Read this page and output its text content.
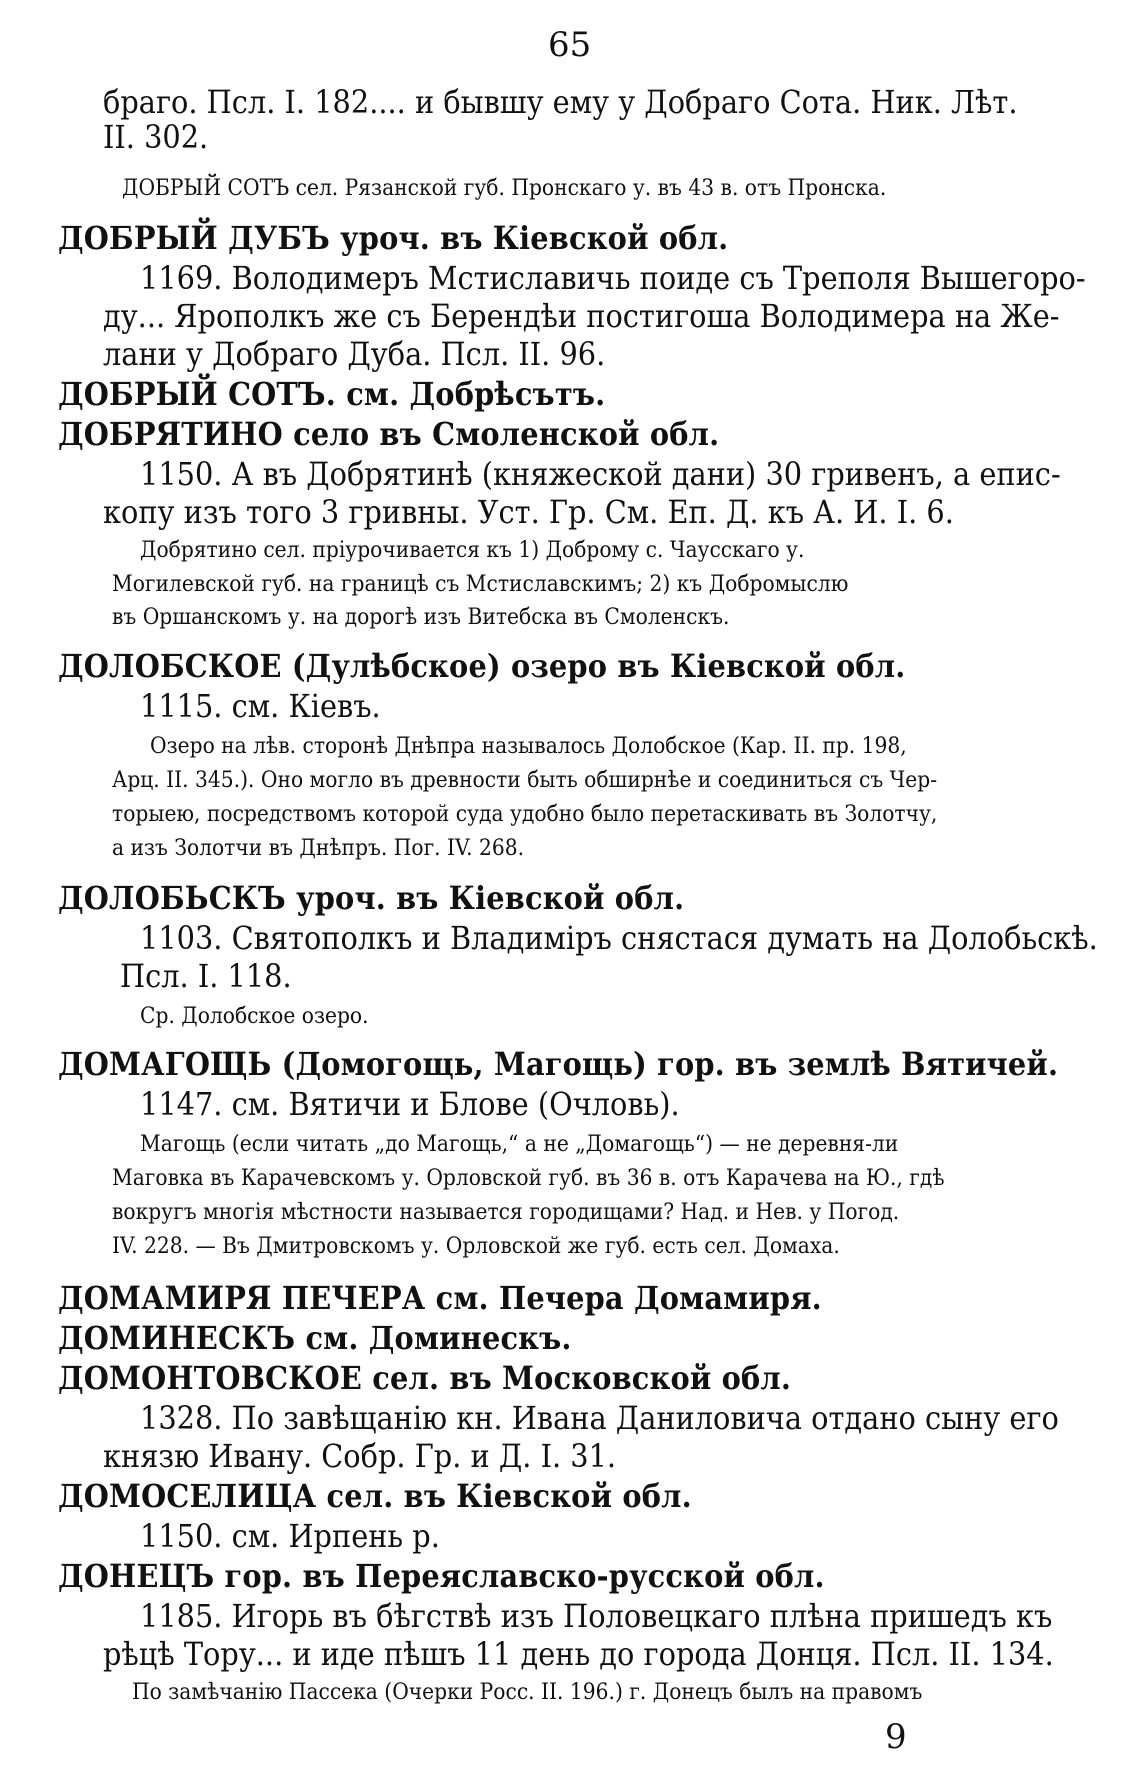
65
браго. Псл. I. 182.... и бывшу ему у Добраго Сота. Ник. Лѣт.
II. 302.
ДОБРЫЙ СОТЪ сел. Рязанской губ. Пронскаго у. въ 43 в. отъ Пронска.
ДОБРЫЙ ДУБЪ уроч. въ Кіевской обл.
1169. Володимеръ Мстиславичь поиде съ Треполя Вышегоро-
ду... Ярополкъ же съ Берендѣи постигоша Володимера на Же-
лани у Добраго Дуба. Псл. II. 96.
ДОБРЫЙ СОТЪ. см. Добрѣсътъ.
ДОБРЯТИНО село въ Смоленской обл.
1150. А въ Добрятинѣ (княжеской дани) 30 гривенъ, а епис-
копу изъ того 3 гривны. Уст. Гр. См. Еп. Д. къ А. И. I. 6.
Добрятино сел. пріурочивается къ 1) Доброму с. Чаусскаго у.
Могилевской губ. на границѣ съ Мстиславскимъ; 2) къ Добромыслю
въ Оршанскомъ у. на дорогѣ изъ Витебска въ Смоленскъ.
ДОЛОБСКОЕ (Дулѣбское) озеро въ Кіевской обл.
1115. см. Кіевъ.
Озеро на лѣв. сторонѣ Днѣпра называлось Долобское (Кар. II. пр. 198,
Арц. II. 345.). Оно могло въ древности быть обширнѣе и соединиться съ Чер-
торыею, посредствомъ которой суда удобно было перетаскивать въ Золотчу,
а изъ Золотчи въ Днѣпръ. Пог. IV. 268.
ДОЛОБЬСКЪ уроч. въ Кіевской обл.
1103. Святополкъ и Владиміръ снястася думать на Долобьскѣ.
Псл. I. 118.
Ср. Долобское озеро.
ДОМАГОЩЬ (Домогощь, Магощь) гор. въ землѣ Вятичей.
1147. см. Вятичи и Блове (Очловь).
Магощь (если читать „до Магощь,“ а не „Домагощь“) — не деревня-ли
Маговка въ Карачевскомъ у. Орловской губ. въ 36 в. отъ Карачева на Ю., гдѣ
вокругъ многія мѣстности называется городищами? Над. и Нев. у Погод.
IV. 228. — Въ Дмитровскомъ у. Орловской же губ. есть сел. Домаха.
ДОМАМИРЯ ПЕЧЕРА см. Печера Домамиря.
ДОМИНЕСКЪ см. Доминескъ.
ДОМОНТОВСКОЕ сел. въ Московской обл.
1328. По завѣщанію кн. Ивана Даниловича отдано сыну его
князю Ивану. Собр. Гр. и Д. I. 31.
ДОМОСЕЛИЦА сел. въ Кіевской обл.
1150. см. Ирпень р.
ДОНЕЦЪ гор. въ Переяславско-русской обл.
1185. Игорь въ бѣгствѣ изъ Половецкаго плѣна пришедъ къ
рѣцѣ Тору... и иде пѣшъ 11 день до города Донця. Псл. II. 134.
По замѣчанію Пассека (Очерки Росс. II. 196.) г. Донецъ былъ на правомъ
9
